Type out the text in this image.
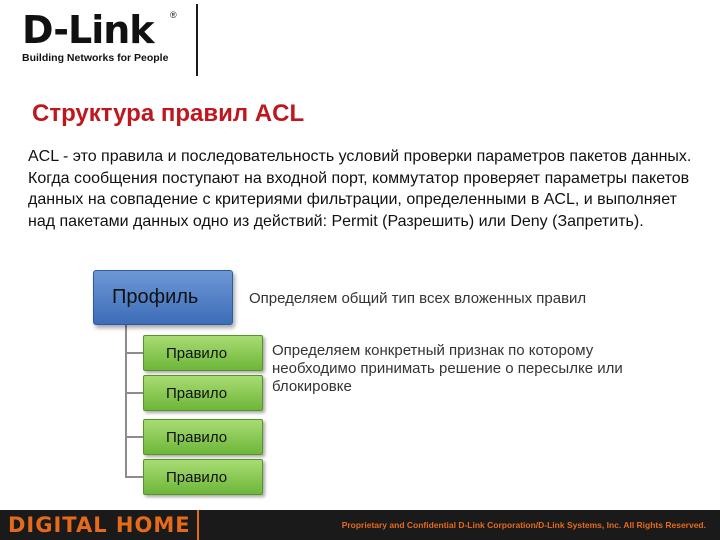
D-Link ®
Building Networks for People
Структура правил ACL
ACL - это правила и последовательность условий проверки параметров пакетов данных. Когда сообщения поступают на входной порт, коммутатор проверяет параметры пакетов данных на совпадение с критериями фильтрации, определенными в ACL, и выполняет над пакетами данных одно из действий: Permit (Разрешить) или Deny (Запретить).
Профиль	Определяем общий тип всех вложенных правил
Правило
Правило
Правило
Правило
Определяем конкретный признак по которому необходимо принимать решение о пересылке или блокировке
DIGITAL HOME	Proprietary and Confidential D-Link Corporation/D-Link Systems, Inc. All Rights Reserved.
